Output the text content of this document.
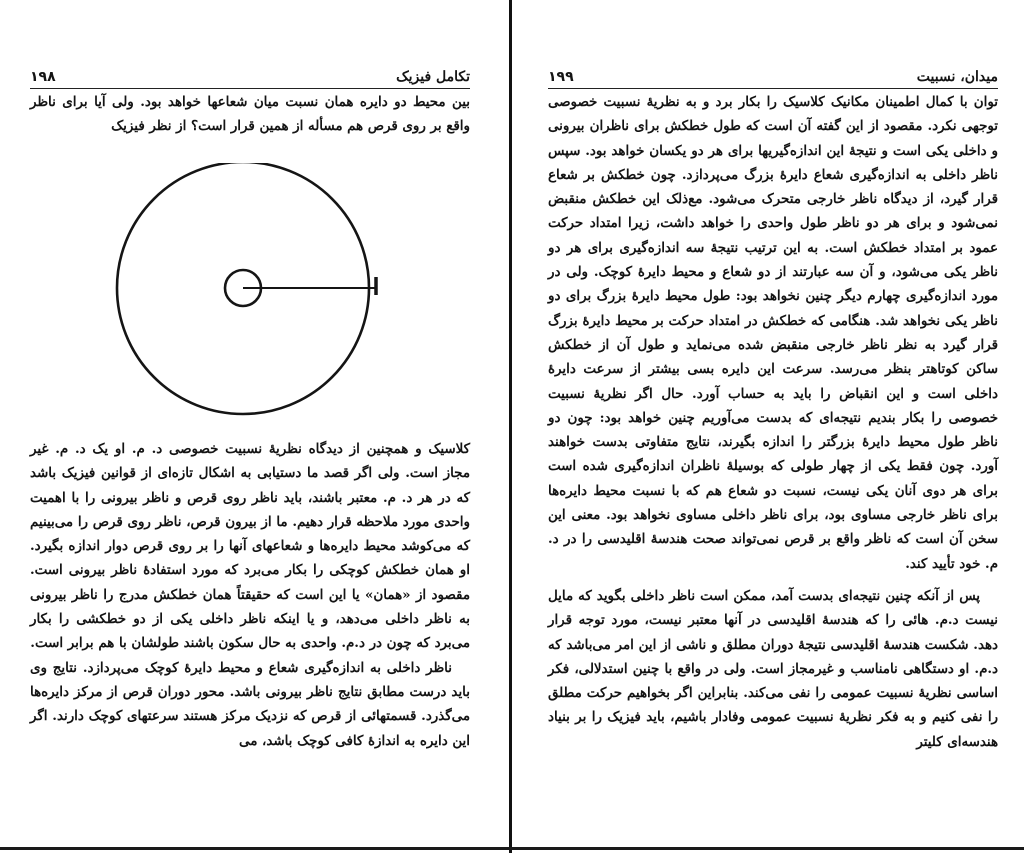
۱۹۸	تکامل فیزیک

بین محیط دو دایره همان نسبت میان شعاعها خواهد بود. ولی آیا برای ناظر واقع بر روی قرص هم مسأله از همین قرار است؟ از نظر فیزیک

کلاسیک و همچنین از دیدگاه نظریهٔ نسبیت خصوصی د. م. او یک د. م. غیر مجاز است. ولی اگر قصد ما دستیابی به اشکال تازه‌ای از قوانین فیزیک باشد که در هر د. م. معتبر باشند، باید ناظر روی قرص و ناظر بیرونی را با اهمیت واحدی مورد ملاحظه قرار دهیم. ما از بیرون قرص، ناظر روی قرص را می‌بینیم که می‌کوشد محیط دایره‌ها و شعاعهای آنها را بر روی قرص دوار اندازه بگیرد. او همان خطکش کوچکی را بکار می‌برد که مورد استفادهٔ ناظر بیرونی است. مقصود از «همان» یا این است که حقیقتاً همان خطکش مدرج را ناظر بیرونی به ناظر داخلی می‌دهد، و یا اینکه ناظر داخلی یکی از دو خطکشی را بکار می‌برد که چون در د.م. واحدی به حال سکون باشند طولشان با هم برابر است.

ناظر داخلی به اندازه‌گیری شعاع و محیط دایرهٔ کوچک می‌پردازد. نتایج وی باید درست مطابق نتایج ناظر بیرونی باشد. محور دوران قرص از مرکز دایره‌ها می‌گذرد. قسمتهائی از قرص که نزدیک مرکز هستند سرعتهای کوچک دارند. اگر این دایره به اندازهٔ کافی کوچک باشد، می

۱۹۹	میدان، نسبیت

توان با کمال اطمینان مکانیک کلاسیک را بکار برد و به نظریهٔ نسبیت خصوصی توجهی نکرد. مقصود از این گفته آن است که طول خطکش برای ناظران بیرونی و داخلی یکی است و نتیجهٔ این اندازه‌گیریها برای هر دو یکسان خواهد بود. سپس ناظر داخلی به اندازه‌گیری شعاع دایرهٔ بزرگ می‌پردازد. چون خطکش بر شعاع قرار گیرد، از دیدگاه ناظر خارجی متحرک می‌شود. مع‌ذلک این خطکش منقبض نمی‌شود و برای هر دو ناظر طول واحدی را خواهد داشت، زیرا امتداد حرکت عمود بر امتداد خطکش است. به این ترتیب نتیجهٔ سه اندازه‌گیری برای هر دو ناظر یکی می‌شود، و آن سه عبارتند از دو شعاع و محیط دایرهٔ کوچک. ولی در مورد اندازه‌گیری چهارم دیگر چنین نخواهد بود: طول محیط دایرهٔ بزرگ برای دو ناظر یکی نخواهد شد. هنگامی که خطکش در امتداد حرکت بر محیط دایرهٔ بزرگ قرار گیرد به نظر ناظر خارجی منقبض شده می‌نماید و طول آن از خطکش ساکن کوتاهتر بنظر می‌رسد. سرعت این دایره بسی بیشتر از سرعت دایرهٔ داخلی است و این انقباض را باید به حساب آورد. حال اگر نظریهٔ نسبیت خصوصی را بکار بندیم نتیجه‌ای که بدست می‌آوریم چنین خواهد بود: چون دو ناظر طول محیط دایرهٔ بزرگتر را اندازه بگیرند، نتایج متفاوتی بدست خواهند آورد. چون فقط یکی از چهار طولی که بوسیلهٔ ناظران اندازه‌گیری شده است برای هر دوی آنان یکی نیست، نسبت دو شعاع هم که با نسبت محیط دایره‌ها برای ناظر خارجی مساوی بود، برای ناظر داخلی مساوی نخواهد بود. معنی این سخن آن است که ناظر واقع بر قرص نمی‌تواند صحت هندسهٔ اقلیدسی را در د. م. خود تأیید کند.

پس از آنکه چنین نتیجه‌ای بدست آمد، ممکن است ناظر داخلی بگوید که مایل نیست د.م. هائی را که هندسهٔ اقلیدسی در آنها معتبر نیست، مورد توجه قرار دهد. شکست هندسهٔ اقلیدسی نتیجهٔ دوران مطلق و ناشی از این امر می‌باشد که د.م. او دستگاهی نامناسب و غیرمجاز است. ولی در واقع با چنین استدلالی، فکر اساسی نظریهٔ نسبیت عمومی را نفی می‌کند. بنابراین اگر بخواهیم حرکت مطلق را نفی کنیم و به فکر نظریهٔ نسبیت عمومی وفادار باشیم، باید فیزیک را بر بنیاد هندسه‌ای کلیتر
